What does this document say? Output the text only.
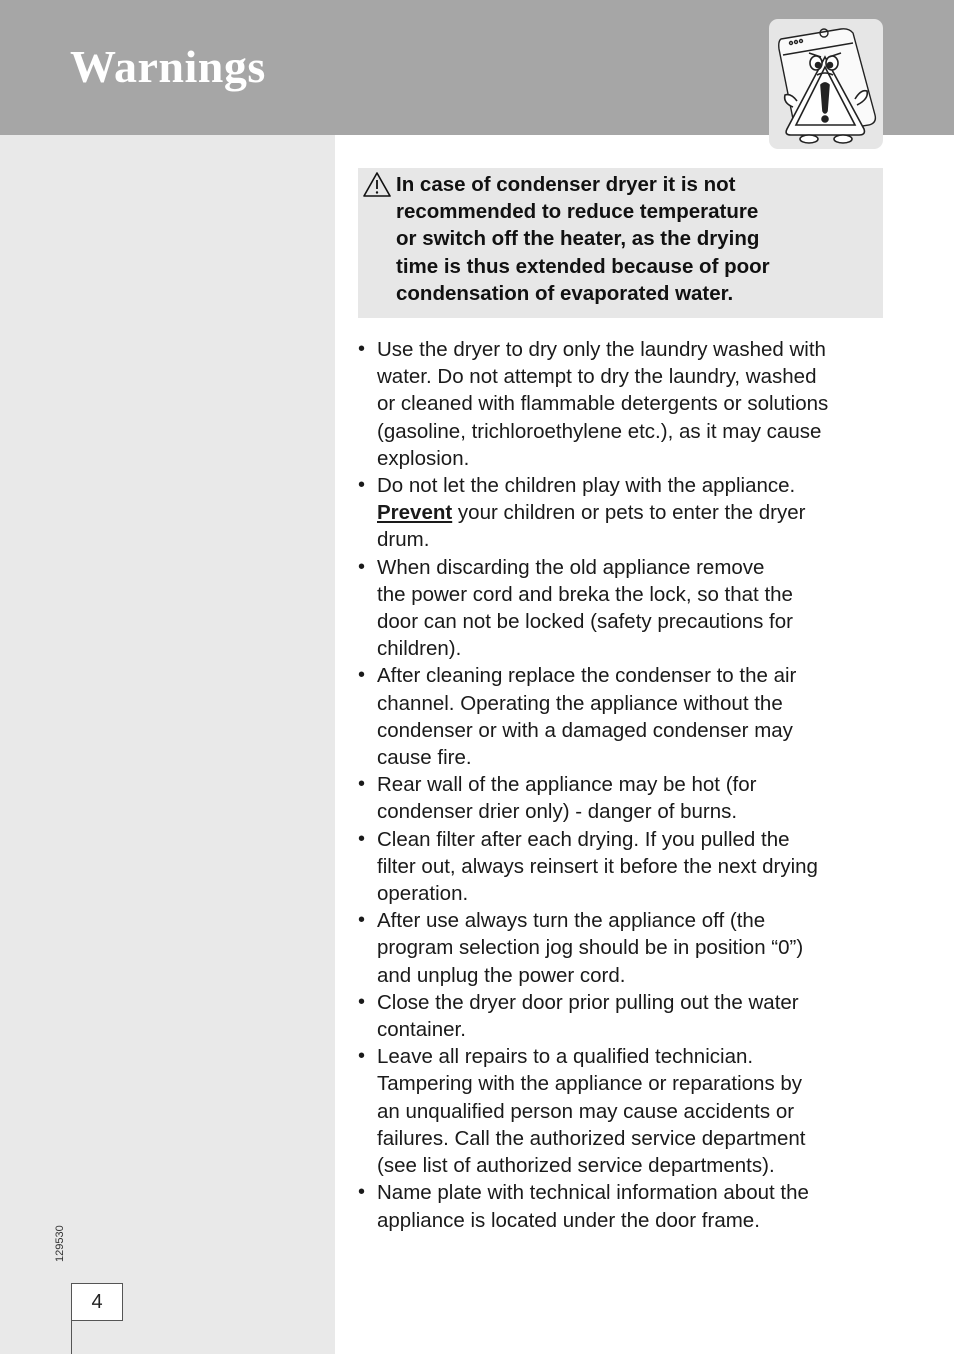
Warnings
129530
4

In case of condenser dryer it is not
recommended to reduce temperature
or switch off the heater, as the drying
time is thus extended because of poor
condensation of evaporated water.

• Use the dryer to dry only the laundry washed with
water. Do not attempt to dry the laundry, washed
or cleaned with flammable detergents or solutions
(gasoline, trichloroethylene etc.), as it may cause
explosion.
• Do not let the children play with the appliance.
Prevent your children or pets to enter the dryer
drum.
• When discarding the old appliance remove
the power cord and breka the lock, so that the
door can not be locked (safety precautions for
children).
• After cleaning replace the condenser to the air
channel. Operating the appliance without the
condenser or with a damaged condenser may
cause fire.
• Rear wall of the appliance may be hot (for
condenser drier only) - danger of burns.
• Clean filter after each drying. If you pulled the
filter out, always reinsert it before the next drying
operation.
• After use always turn the appliance off (the
program selection jog should be in position “0”)
and unplug the power cord.
• Close the dryer door prior pulling out the water
container.
• Leave all repairs to a qualified technician.
Tampering with the appliance or reparations by
an unqualified person may cause accidents or
failures. Call the authorized service department
(see list of authorized service departments).
• Name plate with technical information about the
appliance is located under the door frame.
